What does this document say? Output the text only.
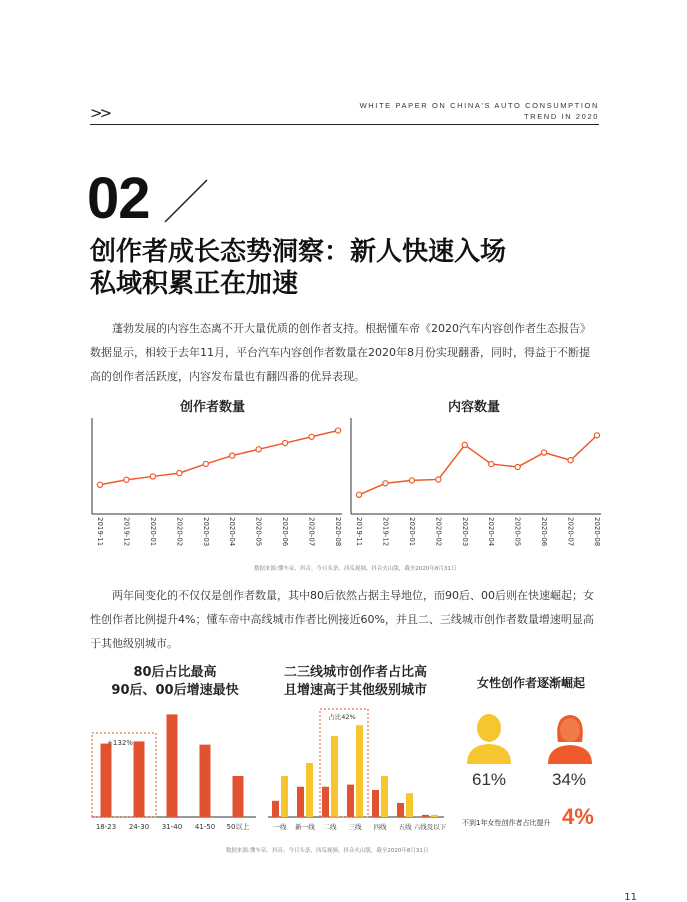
>>	WHITE PAPER ON CHINA'S AUTO CONSUMPTION
TREND IN 2020
02
创作者成长态势洞察：新人快速入场
私域积累正在加速
蓬勃发展的内容生态离不开大量优质的创作者支持。根据懂车帝《2020汽车内容创作者生态报告》数据显示，相较于去年11月，平台汽车内容创作者数量在2020年8月份实现翻番，同时，得益于不断提高的创作者活跃度，内容发布量也有翻四番的优异表现。
创作者数量	内容数量
2019-11	2019-12	2020-01	2020-02	2020-03	2020-04	2020-05	2020-06	2020-07	2020-08 2019-11	2019-12	2020-01	2020-02	2020-03	2020-04	2020-05	2020-06	2020-07	2020-08
数据来源:懂车帝、抖音、今日头条、西瓜视频、抖音火山版，截至2020年8月31日
两年间变化的不仅仅是创作者数量，其中80后依然占据主导地位，而90后、00后则在快速崛起；女性创作者比例提升4%；懂车帝中高线城市作者比例接近60%，并且二、三线城市创作者数量增速明显高于其他级别城市。
80后占比最高
90后、00后增速最快
二三线城市创作者占比高
且增速高于其他级别城市	女性创作者逐渐崛起
18-23 24-30 31-40 41-50 50以上
+132%
一线 新一线 二线 三线 四线 五线 六线及以下
占比42%
61%	34%
不到1年女性创作者占比提升 4%
数据来源:懂车帝、抖音、今日头条、西瓜视频、抖音火山版，截至2020年8月31日
11
